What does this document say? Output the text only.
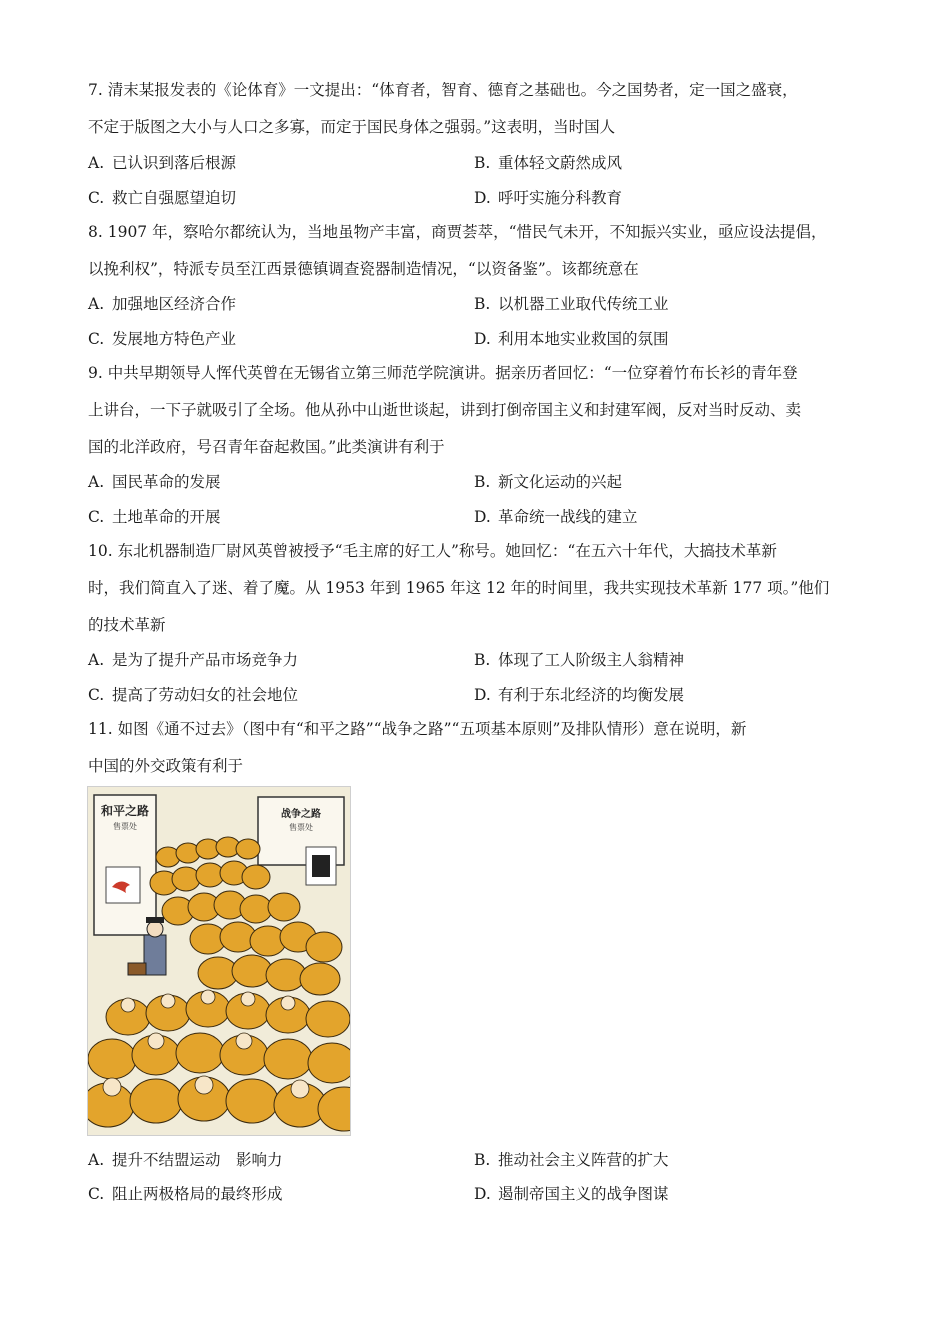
7. 清末某报发表的《论体育》一文提出：“体育者，智育、德育之基础也。今之国势者，定一国之盛衰，

不定于版图之大小与人口之多寡，而定于国民身体之强弱。”这表明，当时国人

A. 已认识到落后根源	B. 重体轻文蔚然成风
C. 救亡自强愿望迫切	D. 呼吁实施分科教育

8. 1907 年，察哈尔都统认为，当地虽物产丰富，商贾荟萃，“惜民气未开，不知振兴实业，亟应设法提倡，

以挽利权”，特派专员至江西景德镇调查瓷器制造情况，“以资备鉴”。该都统意在

A. 加强地区经济合作	B. 以机器工业取代传统工业
C. 发展地方特色产业	D. 利用本地实业救国的氛围

9. 中共早期领导人恽代英曾在无锡省立第三师范学院演讲。据亲历者回忆：“一位穿着竹布长衫的青年登

上讲台，一下子就吸引了全场。他从孙中山逝世谈起，讲到打倒帝国主义和封建军阀，反对当时反动、卖

国的北洋政府，号召青年奋起救国。”此类演讲有利于

A. 国民革命的发展	B. 新文化运动的兴起
C. 土地革命的开展	D. 革命统一战线的建立

10. 东北机器制造厂尉风英曾被授予“毛主席的好工人”称号。她回忆：“在五六十年代，大搞技术革新

时，我们简直入了迷、着了魔。从 1953 年到 1965 年这 12 年的时间里，我共实现技术革新 177 项。”他们

的技术革新

A. 是为了提升产品市场竞争力	B. 体现了工人阶级主人翁精神
C. 提高了劳动妇女的社会地位	D. 有利于东北经济的均衡发展

11. 如图《通不过去》（图中有“和平之路”“战争之路”“五项基本原则”及排队情形）意在说明，新

中国的外交政策有利于

和平之路
售票处
战争之路
售票处
A. 提升不结盟运动　影响力	B. 推动社会主义阵营的扩大
C. 阻止两极格局的最终形成	D. 遏制帝国主义的战争图谋
